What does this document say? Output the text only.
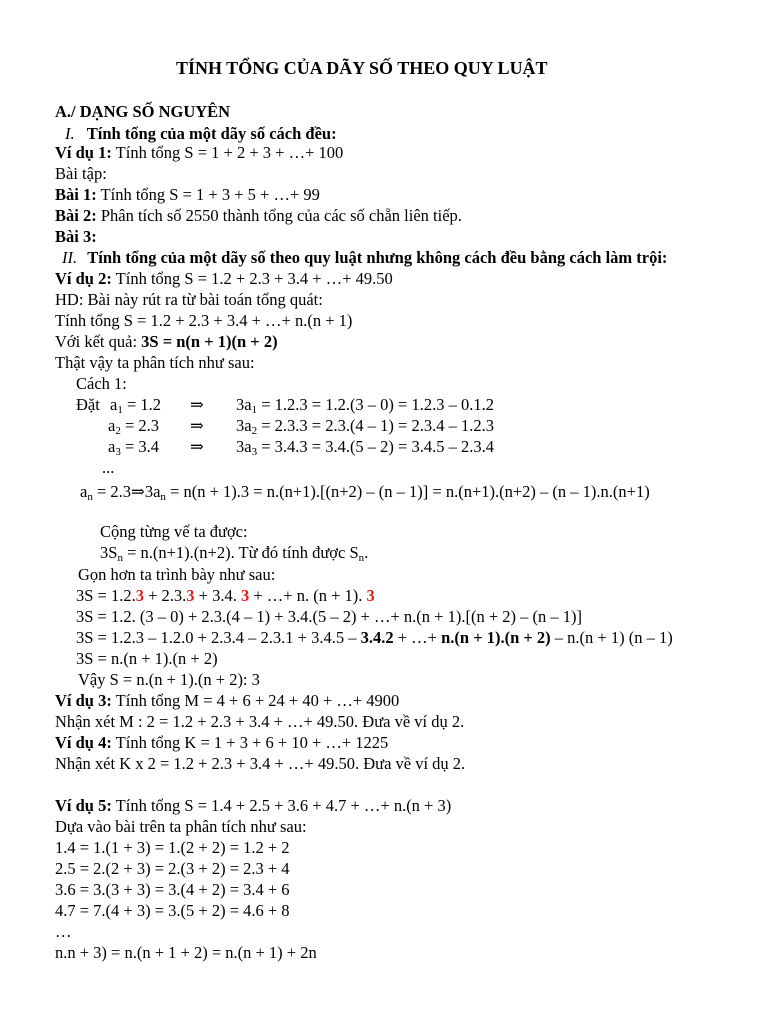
TÍNH TỔNG CỦA DÃY SỐ THEO QUY LUẬT
A./ DẠNG SỐ NGUYÊN
I. Tính tổng của một dãy số cách đều:
Ví dụ 1: Tính tổng S = 1 + 2 + 3 + …+ 100
Bài tập:
Bài 1: Tính tổng S = 1 + 3 + 5 + …+ 99
Bài 2: Phân tích số 2550 thành tổng của các số chẵn liên tiếp.
Bài 3:
II. Tính tổng của một dãy số theo quy luật nhưng không cách đều bằng cách làm trội:
Ví dụ 2: Tính tổng S = 1.2 + 2.3 + 3.4 + …+ 49.50
HD: Bài này rút ra từ bài toán tổng quát:
Tính tổng S = 1.2 + 2.3 + 3.4 + …+ n.(n + 1)
Với kết quả: 3S = n(n + 1)(n + 2)
Thật vậy ta phân tích như sau:
Cách 1:
Đặt $a_1 = 1.2$ ⇒ $3a_1 = 1.2.3 = 1.2.(3 - 0) = 1.2.3 - 0.1.2$
$a_2 = 2.3$ ⇒ $3a_2 = 2.3.3 = 2.3.(4 - 1) = 2.3.4 - 1.2.3$
$a_3 = 3.4$ ⇒ $3a_3 = 3.4.3 = 3.4.(5 - 2) = 3.4.5 - 2.3.4$
...
$a_n$ = $2.3\Rightarrow 3a_n = n(n + 1).3 = n.(n+1).[(n+2) - (n - 1)] = n.(n+1).(n+2) - (n - 1).n.(n+1)$
Cộng từng vế ta được:
$3S_n = n.(n+1).(n+2)$. Từ đó tính được $S_n$.
Gọn hơn ta trình bày như sau:
3S = 1.2.3 + 2.3.3 + 3.4. 3 + …+ n. (n + 1). 3
3S = 1.2. (3 – 0) + 2.3.(4 – 1) + 3.4.(5 – 2) + …+ n.(n + 1).[(n + 2) – (n – 1)]
3S = 1.2.3 – 1.2.0 + 2.3.4 – 2.3.1 + 3.4.5 – 3.4.2 + …+ n.(n + 1).(n + 2) – n.(n + 1) (n – 1)
3S = n.(n + 1).(n + 2)
Vậy S = n.(n + 1).(n + 2): 3
Ví dụ 3: Tính tổng M = 4 + 6 + 24 + 40 + …+ 4900
Nhận xét M : 2 = 1.2 + 2.3 + 3.4 + …+ 49.50. Đưa về ví dụ 2.
Ví dụ 4: Tính tổng K = 1 + 3 + 6 + 10 + …+ 1225
Nhận xét K x 2 = 1.2 + 2.3 + 3.4 + …+ 49.50. Đưa về ví dụ 2.
Ví dụ 5: Tính tổng S = 1.4 + 2.5 + 3.6 + 4.7 + …+ n.(n + 3)
Dựa vào bài trên ta phân tích như sau:
1.4 = 1.(1 + 3) = 1.(2 + 2) = 1.2 + 2
2.5 = 2.(2 + 3) = 2.(3 + 2) = 2.3 + 4
3.6 = 3.(3 + 3) = 3.(4 + 2) = 3.4 + 6
4.7 = 7.(4 + 3) = 3.(5 + 2) = 4.6 + 8
…
n.n + 3) = n.(n + 1 + 2) = n.(n + 1) + 2n
